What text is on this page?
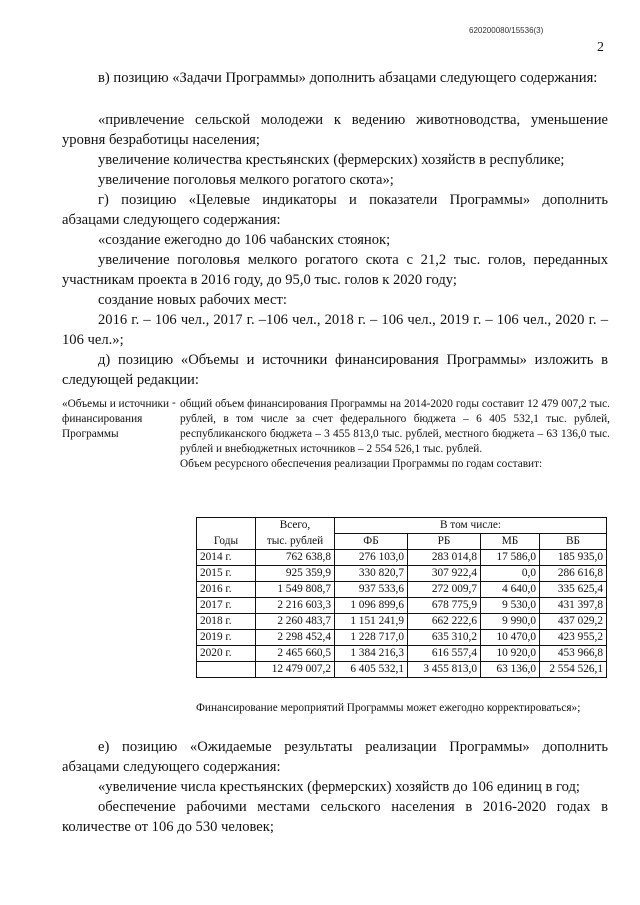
620200080/15536(3)
2

в) позицию «Задачи Программы» дополнить абзацами следующего содержания:

«привлечение сельской молодежи к ведению животноводства, уменьшение уровня безработицы населения;

увеличение количества крестьянских (фермерских) хозяйств в республике;

увеличение поголовья мелкого рогатого скота»;

г) позицию «Целевые индикаторы и показатели Программы» дополнить абзацами следующего содержания:

«создание ежегодно до 106 чабанских стоянок;

увеличение поголовья мелкого рогатого скота с 21,2 тыс. голов, переданных участникам проекта в 2016 году, до 95,0 тыс. голов к 2020 году;

создание новых рабочих мест:

2016 г. – 106 чел., 2017 г. –106 чел., 2018 г. – 106 чел., 2019 г. – 106 чел., 2020 г. – 106 чел.»;

д) позицию «Объемы и источники финансирования Программы» изложить в следующей редакции:

«Объемы и источники финансирования Программы
- общий объем финансирования Программы на 2014-2020 годы составит 12 479 007,2 тыс. рублей, в том числе за счет федерального бюджета – 6 405 532,1 тыс. рублей, республиканского бюджета – 3 455 813,0 тыс. рублей, местного бюджета – 63 136,0 тыс. рублей и внебюджетных источников – 2 554 526,1 тыс. рублей.
Объем ресурсного обеспечения реализации Программы по годам составит:
Годы	Всего,	В том числе:			
	тыс. рублей	ФБ	РБ	МБ	ВБ
2014 г.	762 638,8	276 103,0	283 014,8	17 586,0	185 935,0
2015 г.	925 359,9	330 820,7	307 922,4	0,0	286 616,8
2016 г.	1 549 808,7	937 533,6	272 009,7	4 640,0	335 625,4
2017 г.	2 216 603,3	1 096 899,6	678 775,9	9 530,0	431 397,8
2018 г.	2 260 483,7	1 151 241,9	662 222,6	9 990,0	437 029,2
2019 г.	2 298 452,4	1 228 717,0	635 310,2	10 470,0	423 955,2
2020 г.	2 465 660,5	1 384 216,3	616 557,4	10 920,0	453 966,8
	12 479 007,2	6 405 532,1	3 455 813,0	63 136,0	2 554 526,1
Финансирование мероприятий Программы может ежегодно корректироваться»;

е) позицию «Ожидаемые результаты реализации Программы» дополнить абзацами следующего содержания:

«увеличение числа крестьянских (фермерских) хозяйств до 106 единиц в год;

обеспечение рабочими местами сельского населения в 2016-2020 годах в количестве от 106 до 530 человек;
